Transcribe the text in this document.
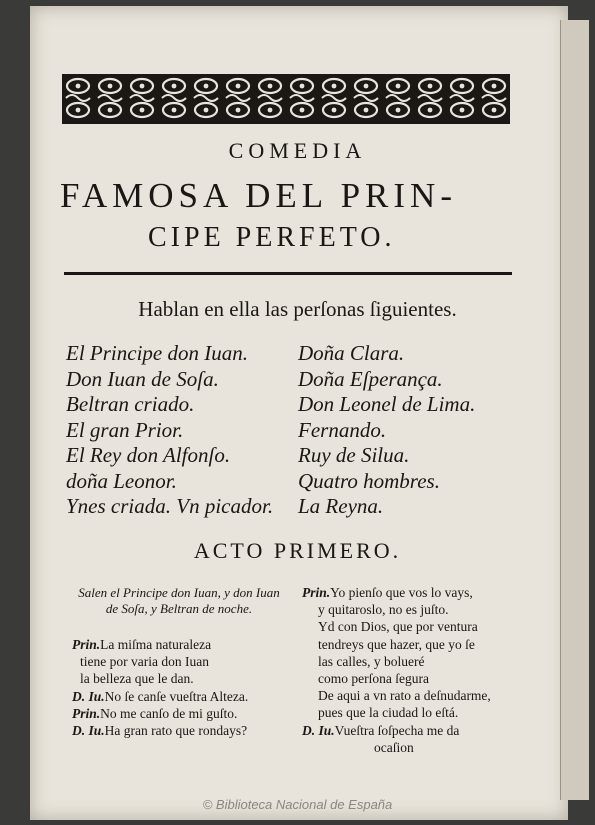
COMEDIA
FAMOSA DEL PRIN-
CIPE PERFETO.
Hablan en ella las perſonas ſiguientes.
El Principe don Iuan.
Don Iuan de Soſa.
Beltran criado.
El gran Prior.
El Rey don Alfonſo.
doña Leonor.
Ynes criada. Vn picador.
Doña Clara.
Doña Eſperança.
Don Leonel de Lima.
Fernando.
Ruy de Silua.
Quatro hombres.
La Reyna.
ACTO PRIMERO.
Salen el Principe don Iuan, y don Iuan
de Soſa, y Beltran de noche.
Prin.La miſma naturaleza
tiene por varia don Iuan
la belleza que le dan.
D. Iu.No ſe canſe vueſtra Alteza.
Prin.No me canſo de mi guſto.
D. Iu.Ha gran rato que rondays?
Prin.Yo pienſo que vos lo vays,
y quitaroslo, no es juſto.
Yd con Dios, que por ventura
tendreys que hazer, que yo ſe
las calles, y bolueré
como perſona ſegura
De aqui a vn rato a deſnudarme,
pues que la ciudad lo eſtá.
D. Iu.Vueſtra ſoſpecha me da
ocaſion
© Biblioteca Nacional de España
